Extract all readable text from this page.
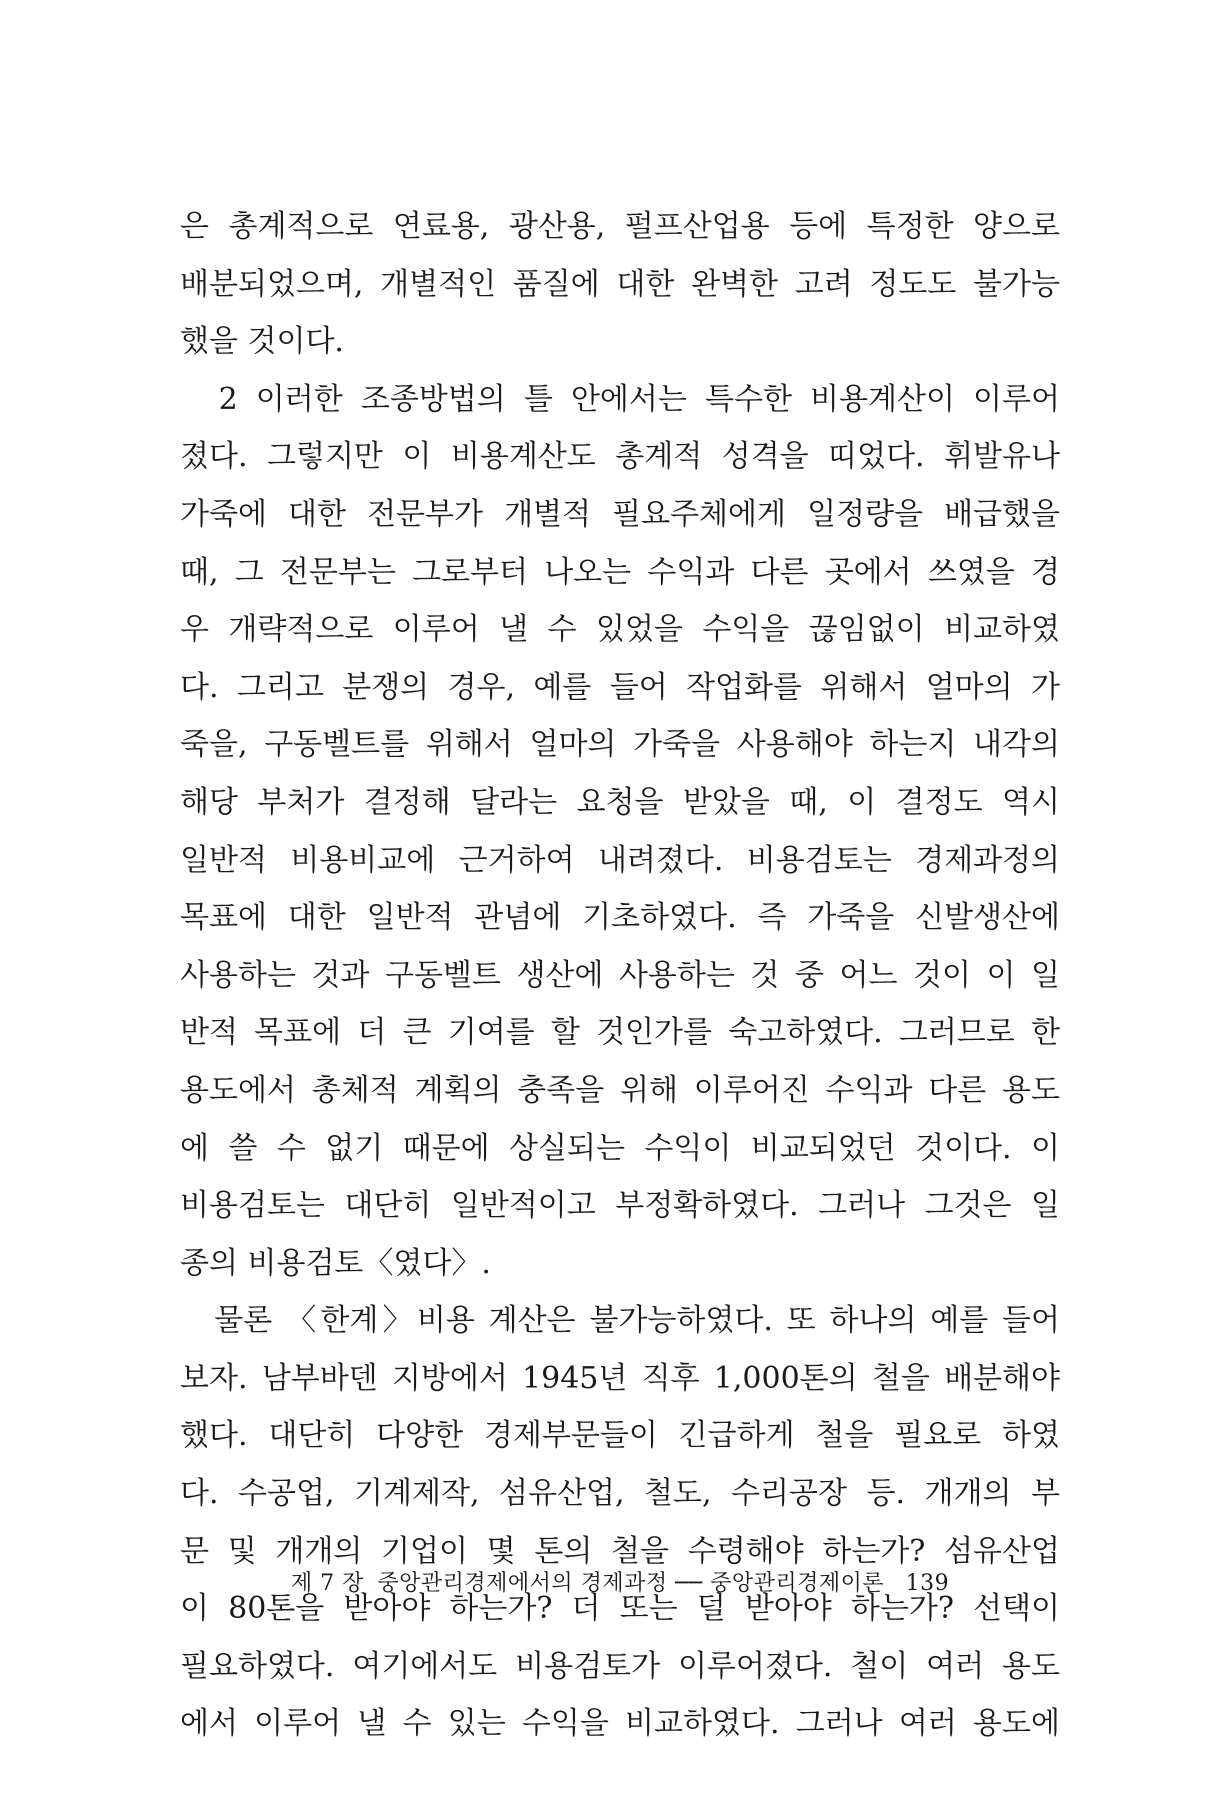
은 총계적으로 연료용, 광산용, 펄프산업용 등에 특정한 양으로
배분되었으며, 개별적인 품질에 대한 완벽한 고려 정도도 불가능
했을 것이다.
　2 이러한 조종방법의 틀 안에서는 특수한 비용계산이 이루어
졌다. 그렇지만 이 비용계산도 총계적 성격을 띠었다. 휘발유나
가죽에 대한 전문부가 개별적 필요주체에게 일정량을 배급했을
때, 그 전문부는 그로부터 나오는 수익과 다른 곳에서 쓰였을 경
우 개략적으로 이루어 낼 수 있었을 수익을 끊임없이 비교하였
다. 그리고 분쟁의 경우, 예를 들어 작업화를 위해서 얼마의 가
죽을, 구동벨트를 위해서 얼마의 가죽을 사용해야 하는지 내각의
해당 부처가 결정해 달라는 요청을 받았을 때, 이 결정도 역시
일반적 비용비교에 근거하여 내려졌다. 비용검토는 경제과정의
목표에 대한 일반적 관념에 기초하였다. 즉 가죽을 신발생산에
사용하는 것과 구동벨트 생산에 사용하는 것 중 어느 것이 이 일
반적 목표에 더 큰 기여를 할 것인가를 숙고하였다. 그러므로 한
용도에서 총체적 계획의 충족을 위해 이루어진 수익과 다른 용도
에 쓸 수 없기 때문에 상실되는 수익이 비교되었던 것이다. 이
비용검토는 대단히 일반적이고 부정확하였다. 그러나 그것은 일
종의 비용검토〈였다〉.
　물론 〈한계〉비용 계산은 불가능하였다. 또 하나의 예를 들어
보자. 남부바덴 지방에서 1945년 직후 1,000톤의 철을 배분해야
했다. 대단히 다양한 경제부문들이 긴급하게 철을 필요로 하였
다. 수공업, 기계제작, 섬유산업, 철도, 수리공장 등. 개개의 부
문 및 개개의 기업이 몇 톤의 철을 수령해야 하는가? 섬유산업
이 80톤을 받아야 하는가? 더 또는 덜 받아야 하는가? 선택이
필요하였다. 여기에서도 비용검토가 이루어졌다. 철이 여러 용도
에서 이루어 낼 수 있는 수익을 비교하였다. 그러나 여러 용도에
제 7 장 중앙관리경제에서의 경제과정 ── 중앙관리경제이론 139
